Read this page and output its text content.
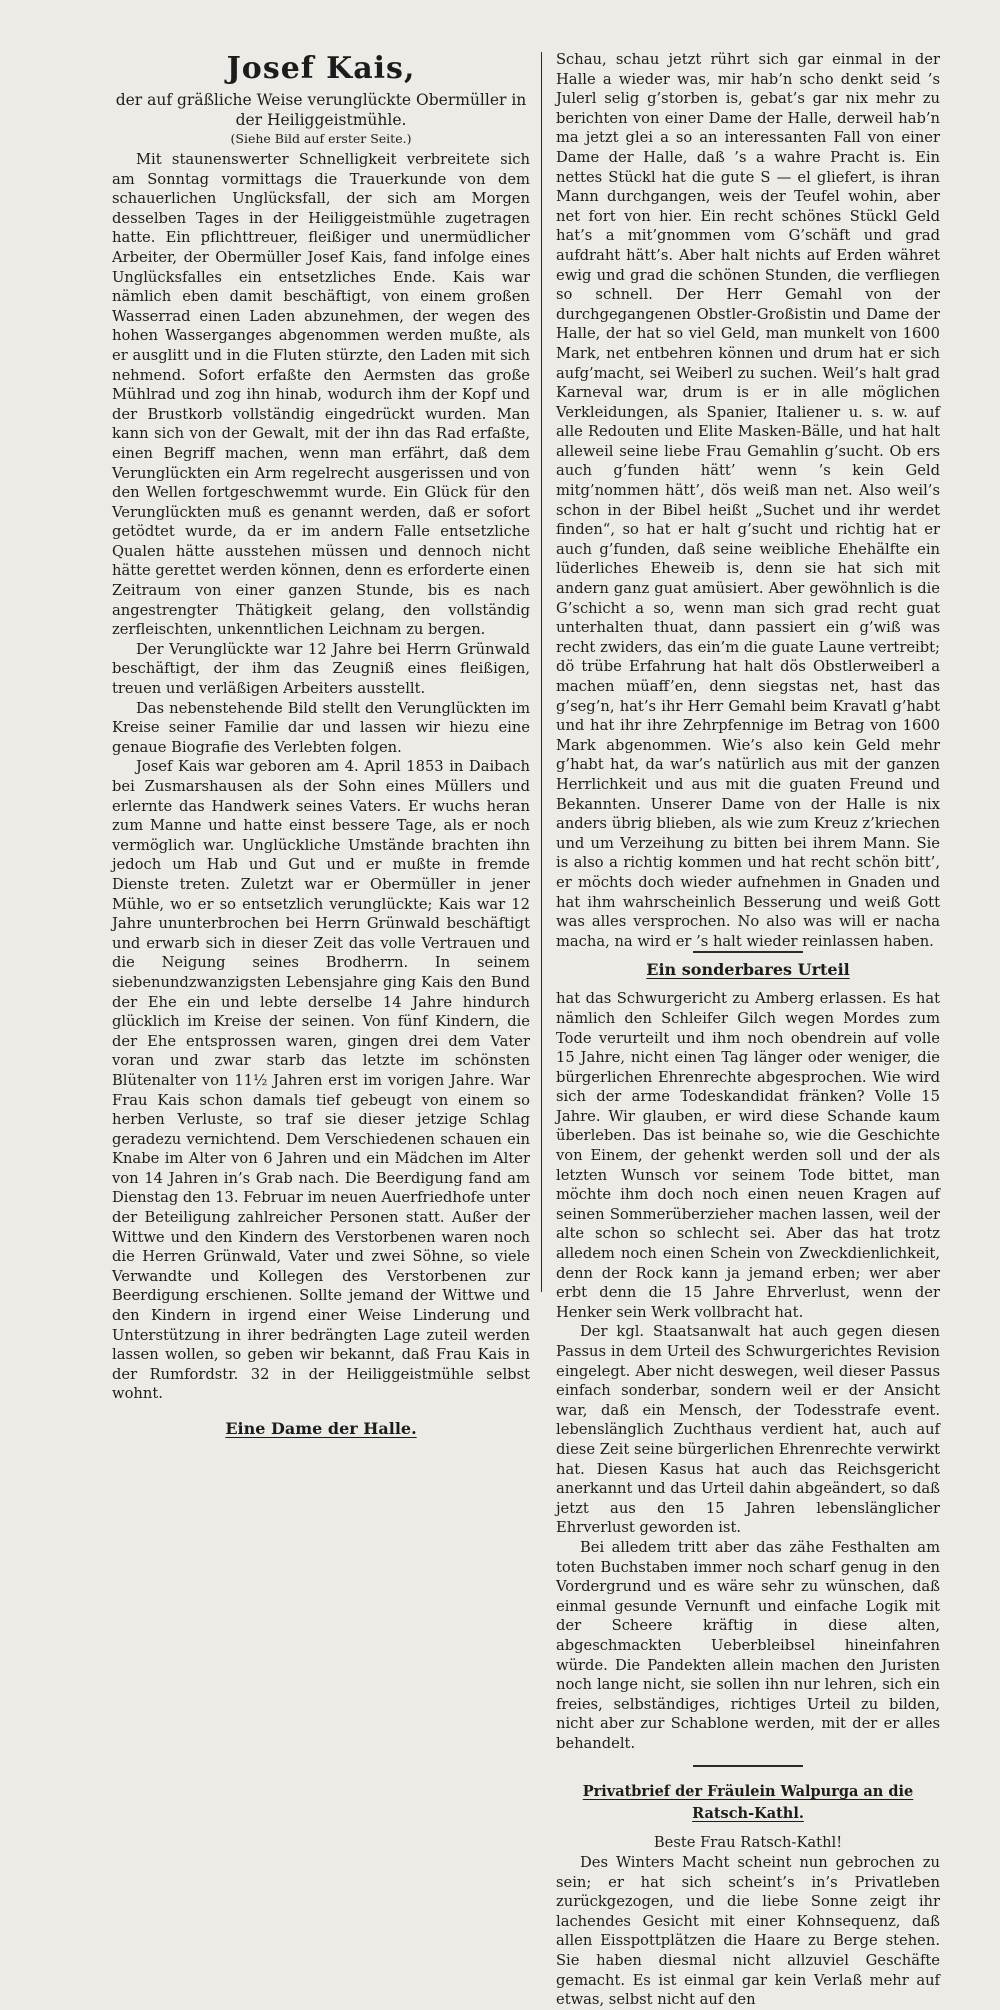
Josef Kais,
der auf gräßliche Weise verunglückte Obermüller in der Heiliggeistmühle.
(Siehe Bild auf erster Seite.)

Mit staunenswerter Schnelligkeit verbreitete sich am Sonntag vormittags die Trauerkunde von dem schauerlichen Unglücksfall, der sich am Morgen desselben Tages in der Heiliggeistmühle zugetragen hatte. Ein pflichttreuer, fleißiger und unermüdlicher Arbeiter, der Obermüller Josef Kais, fand infolge eines Unglücksfalles ein entsetzliches Ende. Kais war nämlich eben damit beschäftigt, von einem großen Wasserrad einen Laden abzunehmen, der wegen des hohen Wasserganges abgenommen werden mußte, als er ausglitt und in die Fluten stürzte, den Laden mit sich nehmend. Sofort erfaßte den Aermsten das große Mühlrad und zog ihn hinab, wodurch ihm der Kopf und der Brustkorb vollständig eingedrückt wurden. Man kann sich von der Gewalt, mit der ihn das Rad erfaßte, einen Begriff machen, wenn man erfährt, daß dem Verunglückten ein Arm regelrecht ausgerissen und von den Wellen fortgeschwemmt wurde. Ein Glück für den Verunglückten muß es genannt werden, daß er sofort getödtet wurde, da er im andern Falle entsetzliche Qualen hätte ausstehen müssen und dennoch nicht hätte gerettet werden können, denn es erforderte einen Zeitraum von einer ganzen Stunde, bis es nach angestrengter Thätigkeit gelang, den vollständig zerfleischten, unkenntlichen Leichnam zu bergen.

Der Verunglückte war 12 Jahre bei Herrn Grünwald beschäftigt, der ihm das Zeugniß eines fleißigen, treuen und verläßigen Arbeiters ausstellt.

Das nebenstehende Bild stellt den Verunglückten im Kreise seiner Familie dar und lassen wir hiezu eine genaue Biografie des Verlebten folgen.

Josef Kais war geboren am 4. April 1853 in Daibach bei Zusmarshausen als der Sohn eines Müllers und erlernte das Handwerk seines Vaters. Er wuchs heran zum Manne und hatte einst bessere Tage, als er noch vermöglich war. Unglückliche Umstände brachten ihn jedoch um Hab und Gut und er mußte in fremde Dienste treten. Zuletzt war er Obermüller in jener Mühle, wo er so entsetzlich verunglückte; Kais war 12 Jahre ununterbrochen bei Herrn Grünwald beschäftigt und erwarb sich in dieser Zeit das volle Vertrauen und die Neigung seines Brodherrn. In seinem siebenundzwanzigsten Lebensjahre ging Kais den Bund der Ehe ein und lebte derselbe 14 Jahre hindurch glücklich im Kreise der seinen. Von fünf Kindern, die der Ehe entsprossen waren, gingen drei dem Vater voran und zwar starb das letzte im schönsten Blütenalter von 11½ Jahren erst im vorigen Jahre. War Frau Kais schon damals tief gebeugt von einem so herben Verluste, so traf sie dieser jetzige Schlag geradezu vernichtend. Dem Verschiedenen schauen ein Knabe im Alter von 6 Jahren und ein Mädchen im Alter von 14 Jahren in’s Grab nach. Die Beerdigung fand am Dienstag den 13. Februar im neuen Auerfriedhofe unter der Beteiligung zahlreicher Personen statt. Außer der Wittwe und den Kindern des Verstorbenen waren noch die Herren Grünwald, Vater und zwei Söhne, so viele Verwandte und Kollegen des Verstorbenen zur Beerdigung erschienen. Sollte jemand der Wittwe und den Kindern in irgend einer Weise Linderung und Unterstützung in ihrer bedrängten Lage zuteil werden lassen wollen, so geben wir bekannt, daß Frau Kais in der Rumfordstr. 32 in der Heiliggeistmühle selbst wohnt.

Eine Dame der Halle.

Schau, schau jetzt rührt sich gar einmal in der Halle a wieder was, mir hab’n scho denkt seid ’s Julerl selig g’storben is, gebat’s gar nix mehr zu berichten von einer Dame der Halle, derweil hab’n ma jetzt glei a so an interessanten Fall von einer Dame der Halle, daß ’s a wahre Pracht is. Ein nettes Stückl hat die gute S — el gliefert, is ihran Mann durchgangen, weis der Teufel wohin, aber net fort von hier. Ein recht schönes Stückl Geld hat’s a mit’gnommen vom G’schäft und grad aufdraht hätt’s. Aber halt nichts auf Erden währet ewig und grad die schönen Stunden, die verfliegen so schnell. Der Herr Gemahl von der durchgegangenen Obstler-Großistin und Dame der Halle, der hat so viel Geld, man munkelt von 1600 Mark, net entbehren können und drum hat er sich aufg’macht, sei Weiberl zu suchen. Weil’s halt grad Karneval war, drum is er in alle möglichen Verkleidungen, als Spanier, Italiener u. s. w. auf alle Redouten und Elite Masken-Bälle, und hat halt alleweil seine liebe Frau Gemahlin g’sucht. Ob ers auch g’funden hätt’ wenn ’s kein Geld mitg’nommen hätt’, dös weiß man net. Also weil’s schon in der Bibel heißt „Suchet und ihr werdet finden“, so hat er halt g’sucht und richtig hat er auch g’funden, daß seine weibliche Ehehälfte ein lüderliches Eheweib is, denn sie hat sich mit andern ganz guat amüsiert. Aber gewöhnlich is die G’schicht a so, wenn man sich grad recht guat unterhalten thuat, dann passiert ein g’wiß was recht zwiders, das ein’m die guate Laune vertreibt; dö trübe Erfahrung hat halt dös Obstlerweiberl a machen müaff’en, denn siegstas net, hast das g’seg’n, hat’s ihr Herr Gemahl beim Kravatl g’habt und hat ihr ihre Zehrpfennige im Betrag von 1600 Mark abgenommen. Wie’s also kein Geld mehr g’habt hat, da war’s natürlich aus mit der ganzen Herrlichkeit und aus mit die guaten Freund und Bekannten. Unserer Dame von der Halle is nix anders übrig blieben, als wie zum Kreuz z’kriechen und um Verzeihung zu bitten bei ihrem Mann. Sie is also a richtig kommen und hat recht schön bitt’, er möchts doch wieder aufnehmen in Gnaden und hat ihm wahrscheinlich Besserung und weiß Gott was alles versprochen. No also was will er nacha macha, na wird er ’s halt wieder reinlassen haben.

Ein sonderbares Urteil

hat das Schwurgericht zu Amberg erlassen. Es hat nämlich den Schleifer Gilch wegen Mordes zum Tode verurteilt und ihm noch obendrein auf volle 15 Jahre, nicht einen Tag länger oder weniger, die bürgerlichen Ehrenrechte abgesprochen. Wie wird sich der arme Todeskandidat fränken? Volle 15 Jahre. Wir glauben, er wird diese Schande kaum überleben. Das ist beinahe so, wie die Geschichte von Einem, der gehenkt werden soll und der als letzten Wunsch vor seinem Tode bittet, man möchte ihm doch noch einen neuen Kragen auf seinen Sommerüberzieher machen lassen, weil der alte schon so schlecht sei. Aber das hat trotz alledem noch einen Schein von Zweckdienlichkeit, denn der Rock kann ja jemand erben; wer aber erbt denn die 15 Jahre Ehrverlust, wenn der Henker sein Werk vollbracht hat.

Der kgl. Staatsanwalt hat auch gegen diesen Passus in dem Urteil des Schwurgerichtes Revision eingelegt. Aber nicht deswegen, weil dieser Passus einfach sonderbar, sondern weil er der Ansicht war, daß ein Mensch, der Todesstrafe event. lebenslänglich Zuchthaus verdient hat, auch auf diese Zeit seine bürgerlichen Ehrenrechte verwirkt hat. Diesen Kasus hat auch das Reichsgericht anerkannt und das Urteil dahin abgeändert, so daß jetzt aus den 15 Jahren lebenslänglicher Ehrverlust geworden ist.

Bei alledem tritt aber das zähe Festhalten am toten Buchstaben immer noch scharf genug in den Vordergrund und es wäre sehr zu wünschen, daß einmal gesunde Vernunft und einfache Logik mit der Scheere kräftig in diese alten, abgeschmackten Ueberbleibsel hineinfahren würde. Die Pandekten allein machen den Juristen noch lange nicht, sie sollen ihn nur lehren, sich ein freies, selbständiges, richtiges Urteil zu bilden, nicht aber zur Schablone werden, mit der er alles behandelt.

Privatbrief der Fräulein Walpurga an die Ratsch-Kathl.
Beste Frau Ratsch-Kathl!

Des Winters Macht scheint nun gebrochen zu sein; er hat sich scheint’s in’s Privatleben zurückgezogen, und die liebe Sonne zeigt ihr lachendes Gesicht mit einer Kohnsequenz, daß allen Eisspottplätzen die Haare zu Berge stehen. Sie haben diesmal nicht allzuviel Geschäfte gemacht. Es ist einmal gar kein Verlaß mehr auf etwas, selbst nicht auf den
